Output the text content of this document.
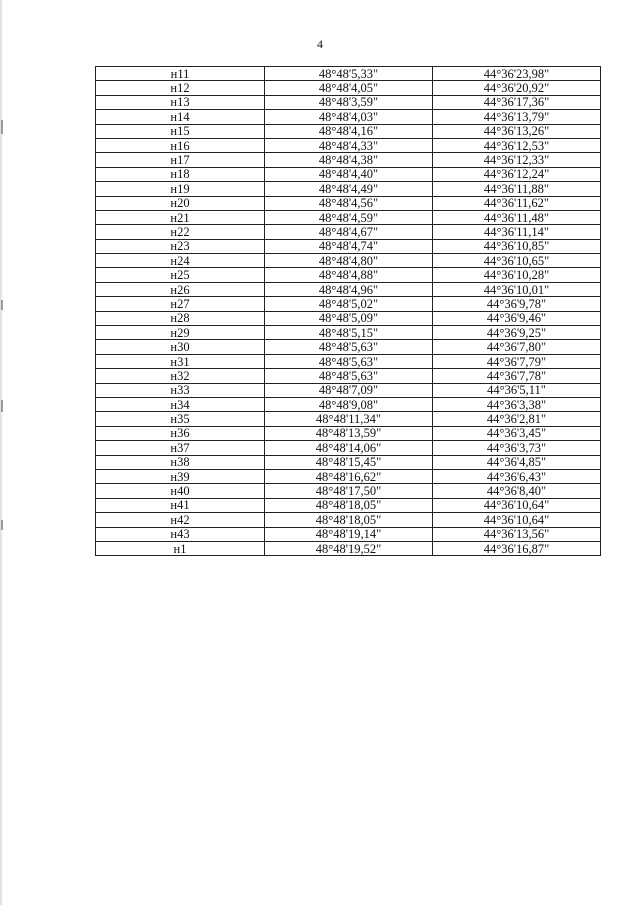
4
н11	48°48'5,33"	44°36'23,98"
н12	48°48'4,05"	44°36'20,92"
н13	48°48'3,59"	44°36'17,36"
н14	48°48'4,03"	44°36'13,79"
н15	48°48'4,16"	44°36'13,26"
н16	48°48'4,33"	44°36'12,53"
н17	48°48'4,38"	44°36'12,33"
н18	48°48'4,40"	44°36'12,24"
н19	48°48'4,49"	44°36'11,88"
н20	48°48'4,56"	44°36'11,62"
н21	48°48'4,59"	44°36'11,48"
н22	48°48'4,67"	44°36'11,14"
н23	48°48'4,74"	44°36'10,85"
н24	48°48'4,80"	44°36'10,65"
н25	48°48'4,88"	44°36'10,28"
н26	48°48'4,96"	44°36'10,01"
н27	48°48'5,02"	44°36'9,78"
н28	48°48'5,09"	44°36'9,46"
н29	48°48'5,15"	44°36'9,25"
н30	48°48'5,63"	44°36'7,80"
н31	48°48'5,63"	44°36'7,79"
н32	48°48'5,63"	44°36'7,78"
н33	48°48'7,09"	44°36'5,11"
н34	48°48'9,08"	44°36'3,38"
н35	48°48'11,34"	44°36'2,81"
н36	48°48'13,59"	44°36'3,45"
н37	48°48'14,06"	44°36'3,73"
н38	48°48'15,45"	44°36'4,85"
н39	48°48'16,62"	44°36'6,43"
н40	48°48'17,50"	44°36'8,40"
н41	48°48'18,05"	44°36'10,64"
н42	48°48'18,05"	44°36'10,64"
н43	48°48'19,14"	44°36'13,56"
н1	48°48'19,52"	44°36'16,87"
